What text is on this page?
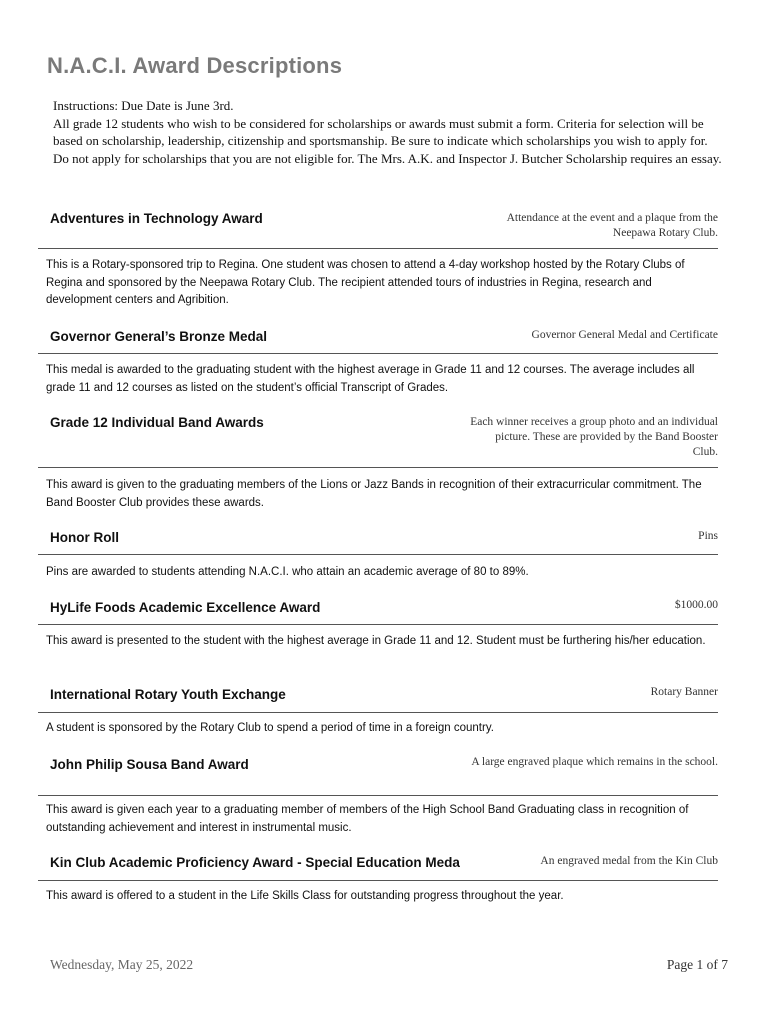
N.A.C.I. Award Descriptions
Instructions: Due Date is June 3rd.
All grade 12 students who wish to be considered for scholarships or awards must submit a form. Criteria for selection will be based on scholarship, leadership, citizenship and sportsmanship. Be sure to indicate which scholarships you wish to apply for. Do not apply for scholarships that you are not eligible for. The Mrs. A.K. and Inspector J. Butcher Scholarship requires an essay.
Adventures in Technology Award	Attendance at the event and a plaque from the Neepawa Rotary Club.
This is a Rotary-sponsored trip to Regina. One student was chosen to attend a 4-day workshop hosted by the Rotary Clubs of Regina and sponsored by the Neepawa Rotary Club. The recipient attended tours of industries in Regina, research and development centers and Agribition.
Governor General’s Bronze Medal	Governor General Medal and Certificate
This medal is awarded to the graduating student with the highest average in Grade 11 and 12 courses. The average includes all grade 11 and 12 courses as listed on the student’s official Transcript of Grades.
Grade 12 Individual Band Awards	Each winner receives a group photo and an individual picture. These are provided by the Band Booster Club.
This award is given to the graduating members of the Lions or Jazz Bands in recognition of their extracurricular commitment. The Band Booster Club provides these awards.
Honor Roll	Pins
Pins are awarded to students attending N.A.C.I. who attain an academic average of 80 to 89%.
HyLife Foods Academic Excellence Award	$1000.00
This award is presented to the student with the highest average in Grade 11 and 12. Student must be furthering his/her education.
International Rotary Youth Exchange	Rotary Banner
A student is sponsored by the Rotary Club to spend a period of time in a foreign country.
John Philip Sousa Band Award	A large engraved plaque which remains in the school.
This award is given each year to a graduating member of members of the High School Band Graduating class in recognition of outstanding achievement and interest in instrumental music.
Kin Club Academic Proficiency Award - Special Education Meda	An engraved medal from the Kin Club
This award is offered to a student in the Life Skills Class for outstanding progress throughout the year.
Wednesday, May 25, 2022	Page 1 of 7
